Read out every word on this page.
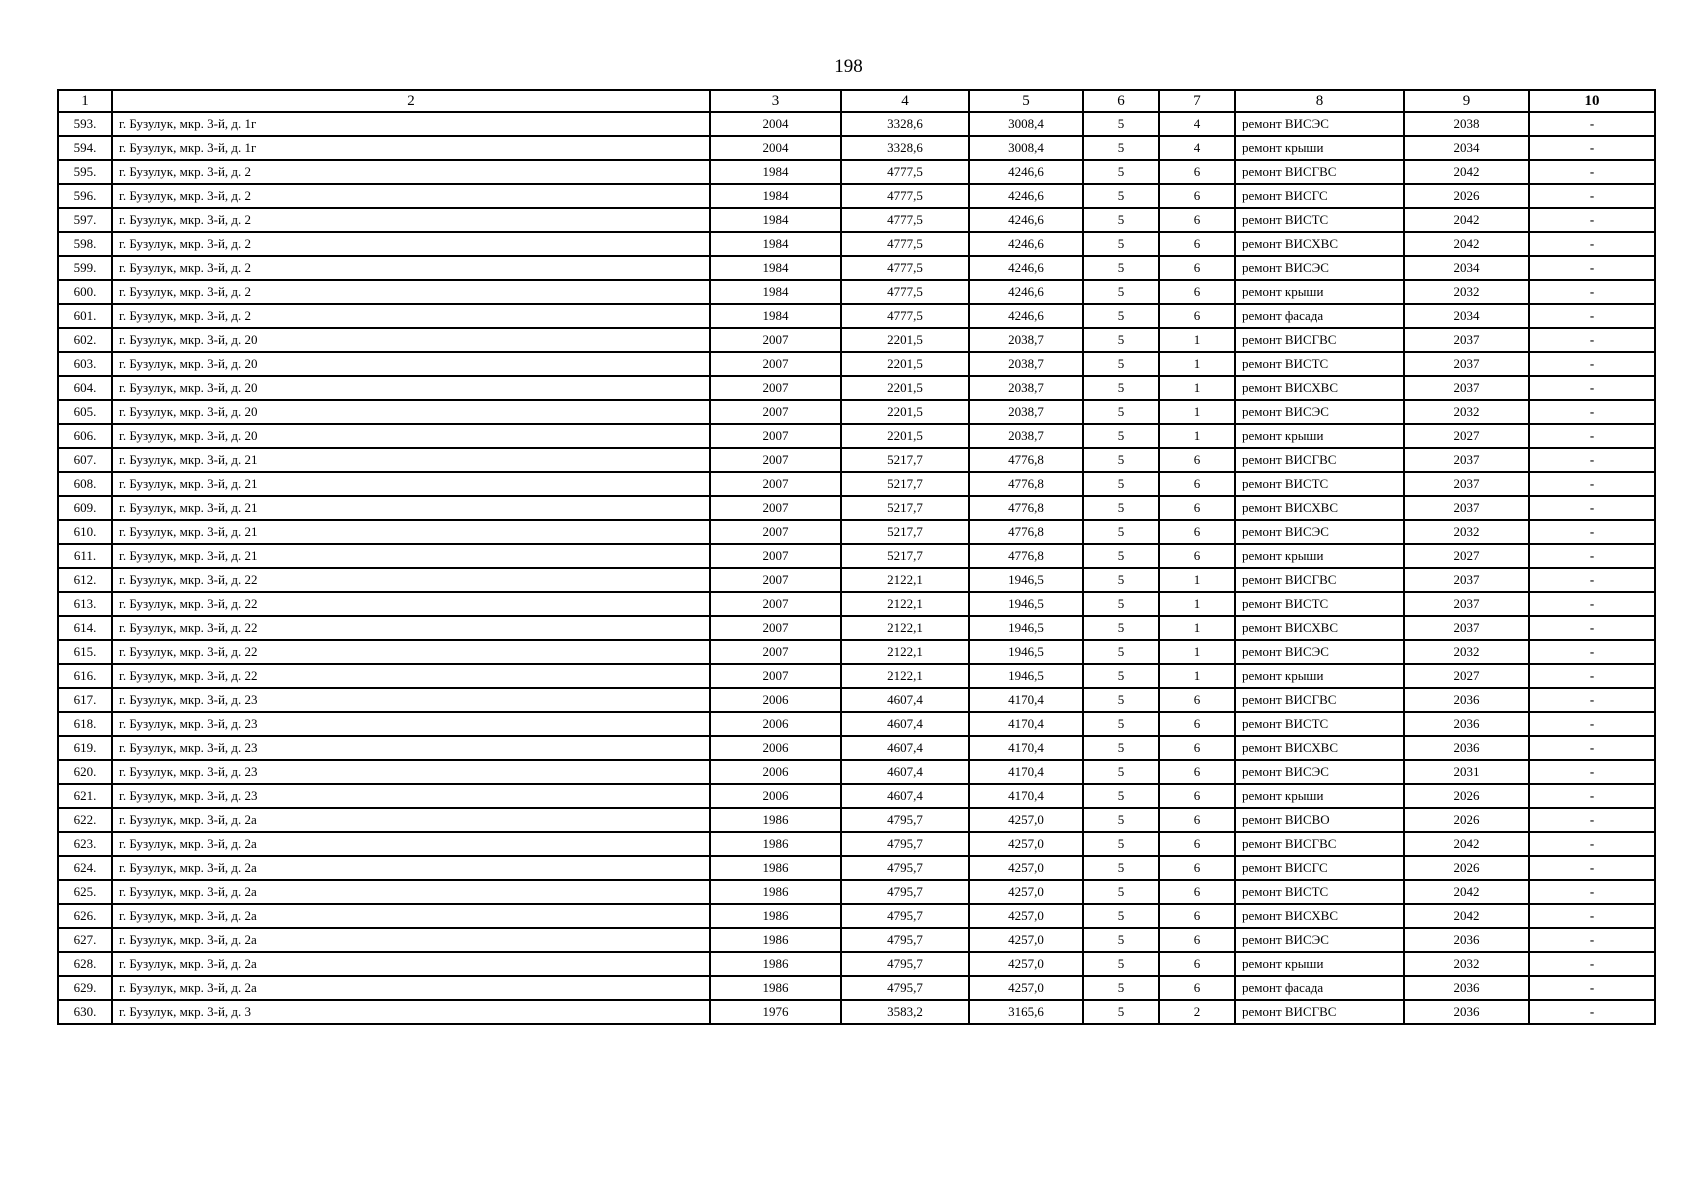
198
1	2	3	4	5	6	7	8	9	10
593.	г. Бузулук, мкр. 3-й, д. 1г	2004	3328,6	3008,4	5	4	ремонт ВИСЭС	2038	-
594.	г. Бузулук, мкр. 3-й, д. 1г	2004	3328,6	3008,4	5	4	ремонт крыши	2034	-
595.	г. Бузулук, мкр. 3-й, д. 2	1984	4777,5	4246,6	5	6	ремонт ВИСГВС	2042	-
596.	г. Бузулук, мкр. 3-й, д. 2	1984	4777,5	4246,6	5	6	ремонт ВИСГС	2026	-
597.	г. Бузулук, мкр. 3-й, д. 2	1984	4777,5	4246,6	5	6	ремонт ВИСТС	2042	-
598.	г. Бузулук, мкр. 3-й, д. 2	1984	4777,5	4246,6	5	6	ремонт ВИСХВС	2042	-
599.	г. Бузулук, мкр. 3-й, д. 2	1984	4777,5	4246,6	5	6	ремонт ВИСЭС	2034	-
600.	г. Бузулук, мкр. 3-й, д. 2	1984	4777,5	4246,6	5	6	ремонт крыши	2032	-
601.	г. Бузулук, мкр. 3-й, д. 2	1984	4777,5	4246,6	5	6	ремонт фасада	2034	-
602.	г. Бузулук, мкр. 3-й, д. 20	2007	2201,5	2038,7	5	1	ремонт ВИСГВС	2037	-
603.	г. Бузулук, мкр. 3-й, д. 20	2007	2201,5	2038,7	5	1	ремонт ВИСТС	2037	-
604.	г. Бузулук, мкр. 3-й, д. 20	2007	2201,5	2038,7	5	1	ремонт ВИСХВС	2037	-
605.	г. Бузулук, мкр. 3-й, д. 20	2007	2201,5	2038,7	5	1	ремонт ВИСЭС	2032	-
606.	г. Бузулук, мкр. 3-й, д. 20	2007	2201,5	2038,7	5	1	ремонт крыши	2027	-
607.	г. Бузулук, мкр. 3-й, д. 21	2007	5217,7	4776,8	5	6	ремонт ВИСГВС	2037	-
608.	г. Бузулук, мкр. 3-й, д. 21	2007	5217,7	4776,8	5	6	ремонт ВИСТС	2037	-
609.	г. Бузулук, мкр. 3-й, д. 21	2007	5217,7	4776,8	5	6	ремонт ВИСХВС	2037	-
610.	г. Бузулук, мкр. 3-й, д. 21	2007	5217,7	4776,8	5	6	ремонт ВИСЭС	2032	-
611.	г. Бузулук, мкр. 3-й, д. 21	2007	5217,7	4776,8	5	6	ремонт крыши	2027	-
612.	г. Бузулук, мкр. 3-й, д. 22	2007	2122,1	1946,5	5	1	ремонт ВИСГВС	2037	-
613.	г. Бузулук, мкр. 3-й, д. 22	2007	2122,1	1946,5	5	1	ремонт ВИСТС	2037	-
614.	г. Бузулук, мкр. 3-й, д. 22	2007	2122,1	1946,5	5	1	ремонт ВИСХВС	2037	-
615.	г. Бузулук, мкр. 3-й, д. 22	2007	2122,1	1946,5	5	1	ремонт ВИСЭС	2032	-
616.	г. Бузулук, мкр. 3-й, д. 22	2007	2122,1	1946,5	5	1	ремонт крыши	2027	-
617.	г. Бузулук, мкр. 3-й, д. 23	2006	4607,4	4170,4	5	6	ремонт ВИСГВС	2036	-
618.	г. Бузулук, мкр. 3-й, д. 23	2006	4607,4	4170,4	5	6	ремонт ВИСТС	2036	-
619.	г. Бузулук, мкр. 3-й, д. 23	2006	4607,4	4170,4	5	6	ремонт ВИСХВС	2036	-
620.	г. Бузулук, мкр. 3-й, д. 23	2006	4607,4	4170,4	5	6	ремонт ВИСЭС	2031	-
621.	г. Бузулук, мкр. 3-й, д. 23	2006	4607,4	4170,4	5	6	ремонт крыши	2026	-
622.	г. Бузулук, мкр. 3-й, д. 2а	1986	4795,7	4257,0	5	6	ремонт ВИСВО	2026	-
623.	г. Бузулук, мкр. 3-й, д. 2а	1986	4795,7	4257,0	5	6	ремонт ВИСГВС	2042	-
624.	г. Бузулук, мкр. 3-й, д. 2а	1986	4795,7	4257,0	5	6	ремонт ВИСГС	2026	-
625.	г. Бузулук, мкр. 3-й, д. 2а	1986	4795,7	4257,0	5	6	ремонт ВИСТС	2042	-
626.	г. Бузулук, мкр. 3-й, д. 2а	1986	4795,7	4257,0	5	6	ремонт ВИСХВС	2042	-
627.	г. Бузулук, мкр. 3-й, д. 2а	1986	4795,7	4257,0	5	6	ремонт ВИСЭС	2036	-
628.	г. Бузулук, мкр. 3-й, д. 2а	1986	4795,7	4257,0	5	6	ремонт крыши	2032	-
629.	г. Бузулук, мкр. 3-й, д. 2а	1986	4795,7	4257,0	5	6	ремонт фасада	2036	-
630.	г. Бузулук, мкр. 3-й, д. 3	1976	3583,2	3165,6	5	2	ремонт ВИСГВС	2036	-
